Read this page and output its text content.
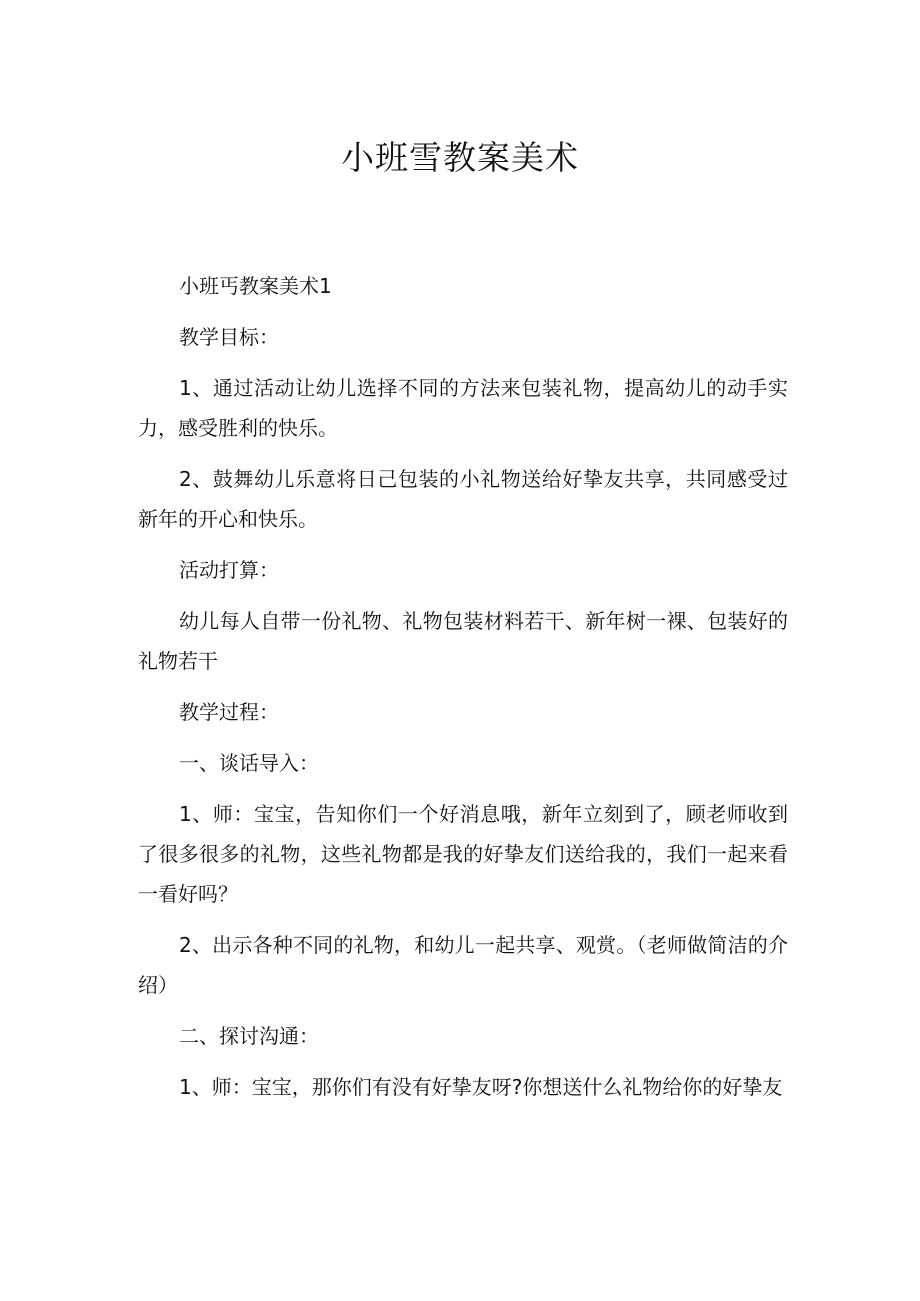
小班雪教案美术

小班丐教案美术1

教学目标：

1、通过活动让幼儿选择不同的方法来包装礼物，提高幼儿的动手实力，感受胜利的快乐。

2、鼓舞幼儿乐意将日己包装的小礼物送给好挚友共享，共同感受过新年的开心和快乐。

活动打算：

幼儿每人自带一份礼物、礼物包装材料若干、新年树一裸、包装好的礼物若干

教学过程：

一、谈话导入：

1、师：宝宝，告知你们一个好消息哦，新年立刻到了，顾老师收到了很多很多的礼物，这些礼物都是我的好挚友们送给我的，我们一起来看一看好吗？

2、出示各种不同的礼物，和幼儿一起共享、观赏。（老师做简洁的介绍）

二、探讨沟通：

1、师：宝宝，那你们有没有好挚友呀?你想送什么礼物给你的好挚友
